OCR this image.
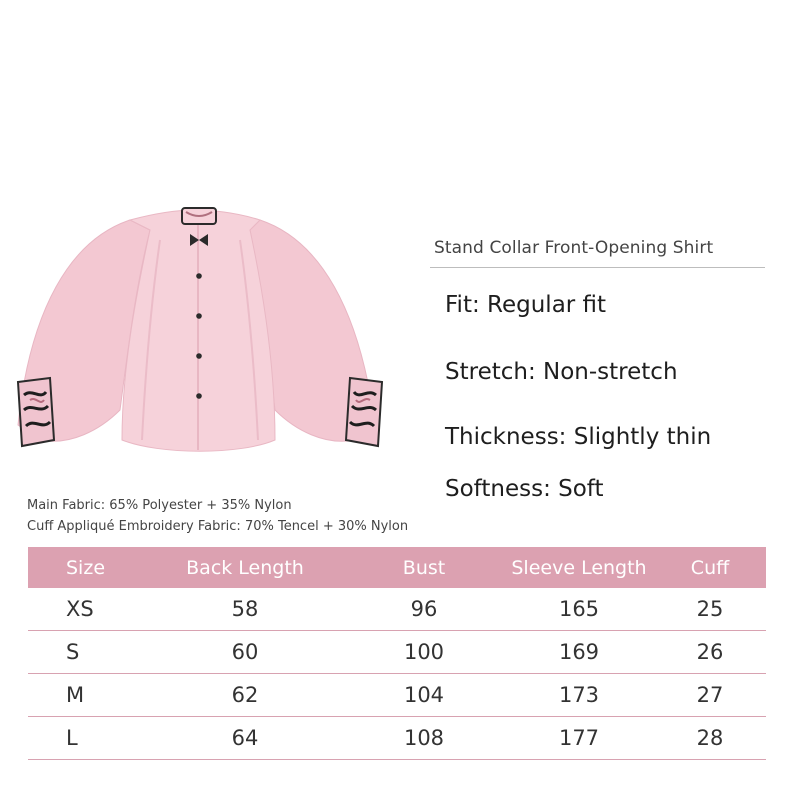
Stand Collar Front-Opening Shirt
Fit: Regular fit
Stretch: Non-stretch
Thickness: Slightly thin
Softness: Soft
Main Fabric: 65% Polyester + 35% Nylon
Cuff Appliqué Embroidery Fabric: 70% Tencel + 30% Nylon
Size	Back Length	Bust	Sleeve Length	Cuff
XS	58	96	165	25
S	60	100	169	26
M	62	104	173	27
L	64	108	177	28
